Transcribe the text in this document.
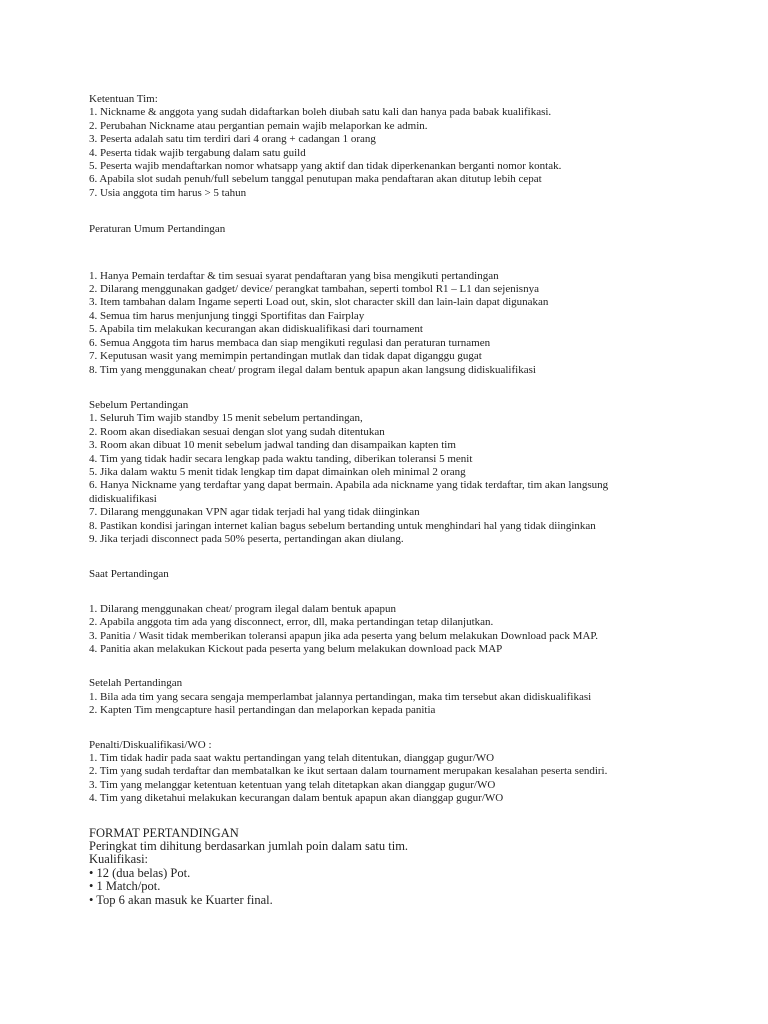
Ketentuan Tim:

1. Nickname & anggota yang sudah didaftarkan boleh diubah satu kali dan hanya pada babak kualifikasi.

2. Perubahan Nickname atau pergantian pemain wajib melaporkan ke admin.

3. Peserta adalah satu tim terdiri dari 4 orang + cadangan 1 orang

4. Peserta tidak wajib tergabung dalam satu guild

5. Peserta wajib mendaftarkan nomor whatsapp yang aktif dan tidak diperkenankan berganti nomor kontak.

6. Apabila slot sudah penuh/full sebelum tanggal penutupan maka pendaftaran akan ditutup lebih cepat

7. Usia anggota tim harus > 5 tahun

Peraturan Umum Pertandingan

1. Hanya Pemain terdaftar & tim sesuai syarat pendaftaran yang bisa mengikuti pertandingan

2. Dilarang menggunakan gadget/ device/ perangkat tambahan, seperti tombol R1 – L1 dan sejenisnya

3. Item tambahan dalam Ingame seperti Load out, skin, slot character skill dan lain-lain dapat digunakan

4. Semua tim harus menjunjung tinggi Sportifitas dan Fairplay

5. Apabila tim melakukan kecurangan akan didiskualifikasi dari tournament

6. Semua Anggota tim harus membaca dan siap mengikuti regulasi dan peraturan turnamen

7. Keputusan wasit yang memimpin pertandingan mutlak dan tidak dapat diganggu gugat

8. Tim yang menggunakan cheat/ program ilegal dalam bentuk apapun akan langsung didiskualifikasi

Sebelum Pertandingan

1. Seluruh Tim wajib standby 15 menit sebelum pertandingan,

2. Room akan disediakan sesuai dengan slot yang sudah ditentukan

3. Room akan dibuat 10 menit sebelum jadwal tanding dan disampaikan kapten tim

4. Tim yang tidak hadir secara lengkap pada waktu tanding, diberikan toleransi 5 menit

5. Jika dalam waktu 5 menit tidak lengkap tim dapat dimainkan oleh minimal 2 orang

6. Hanya Nickname yang terdaftar yang dapat bermain. Apabila ada nickname yang tidak terdaftar, tim akan langsung

didiskualifikasi

7. Dilarang menggunakan VPN agar tidak terjadi hal yang tidak diinginkan

8. Pastikan kondisi jaringan internet kalian bagus sebelum bertanding untuk menghindari hal yang tidak diinginkan

9. Jika terjadi disconnect pada 50% peserta, pertandingan akan diulang.

Saat Pertandingan

1. Dilarang menggunakan cheat/ program ilegal dalam bentuk apapun

2. Apabila anggota tim ada yang disconnect, error, dll, maka pertandingan tetap dilanjutkan.

3. Panitia / Wasit tidak memberikan toleransi apapun jika ada peserta yang belum melakukan Download pack MAP.

4. Panitia akan melakukan Kickout pada peserta yang belum melakukan download pack MAP

Setelah Pertandingan

1. Bila ada tim yang secara sengaja memperlambat jalannya pertandingan, maka tim tersebut akan didiskualifikasi

2. Kapten Tim mengcapture hasil pertandingan dan melaporkan kepada panitia

Penalti/Diskualifikasi/WO :

1. Tim tidak hadir pada saat waktu pertandingan yang telah ditentukan, dianggap gugur/WO

2. Tim yang sudah terdaftar dan membatalkan ke ikut sertaan dalam tournament merupakan kesalahan peserta sendiri.

3. Tim yang melanggar ketentuan ketentuan yang telah ditetapkan akan dianggap gugur/WO

4. Tim yang diketahui melakukan kecurangan dalam bentuk apapun akan dianggap gugur/WO

FORMAT PERTANDINGAN

Peringkat tim dihitung berdasarkan jumlah poin dalam satu tim.

Kualifikasi:

• 12 (dua belas) Pot.

• 1 Match/pot.

• Top 6 akan masuk ke Kuarter final.
